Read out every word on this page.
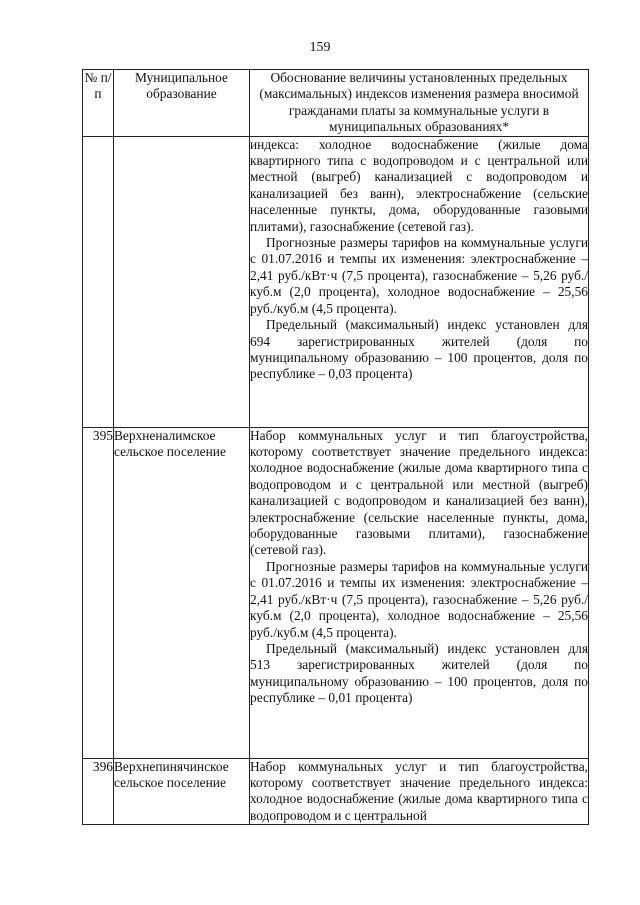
159
№ п/п	Муниципальное образование	Обоснование величины установленных предельных (максимальных) индексов изменения размера вносимой гражданами платы за коммунальные услуги в муниципальных образованиях*

		индекса: холодное водоснабжение (жилые дома квартирного типа с водопроводом и с центральной или местной (выгреб) канализацией с водопроводом и канализацией без ванн), электроснабжение (сельские населенные пункты, дома, оборудованные газовыми плитами), газоснабжение (сетевой газ).

Прогнозные размеры тарифов на коммунальные услуги с 01.07.2016 и темпы их изменения: электроснабжение – 2,41 руб./кВт·ч (7,5 процента), газоснабжение – 5,26 руб./куб.м (2,0 процента), холодное водоснабжение – 25,56 руб./куб.м (4,5 процента).

Предельный (максимальный) индекс установлен для 694 зарегистрированных жителей (доля по муниципальному образованию – 100 процентов, доля по республике – 0,03 процента)

395	Верхненалимское сельское поселение	Набор коммунальных услуг и тип благоустройства, которому соответствует значение предельного индекса: холодное водоснабжение (жилые дома квартирного типа с водопроводом и с центральной или местной (выгреб) канализацией с водопроводом и канализацией без ванн), электроснабжение (сельские населенные пункты, дома, оборудованные газовыми плитами), газоснабжение (сетевой газ).

Прогнозные размеры тарифов на коммунальные услуги с 01.07.2016 и темпы их изменения: электроснабжение – 2,41 руб./кВт·ч (7,5 процента), газоснабжение – 5,26 руб./куб.м (2,0 процента), холодное водоснабжение – 25,56 руб./куб.м (4,5 процента).

Предельный (максимальный) индекс установлен для 513 зарегистрированных жителей (доля по муниципальному образованию – 100 процентов, доля по республике – 0,01 процента)

396	Верхнепинячинское сельское поселение	Набор коммунальных услуг и тип благоустройства, которому соответствует значение предельного индекса: холодное водоснабжение (жилые дома квартирного типа с водопроводом и с центральной
